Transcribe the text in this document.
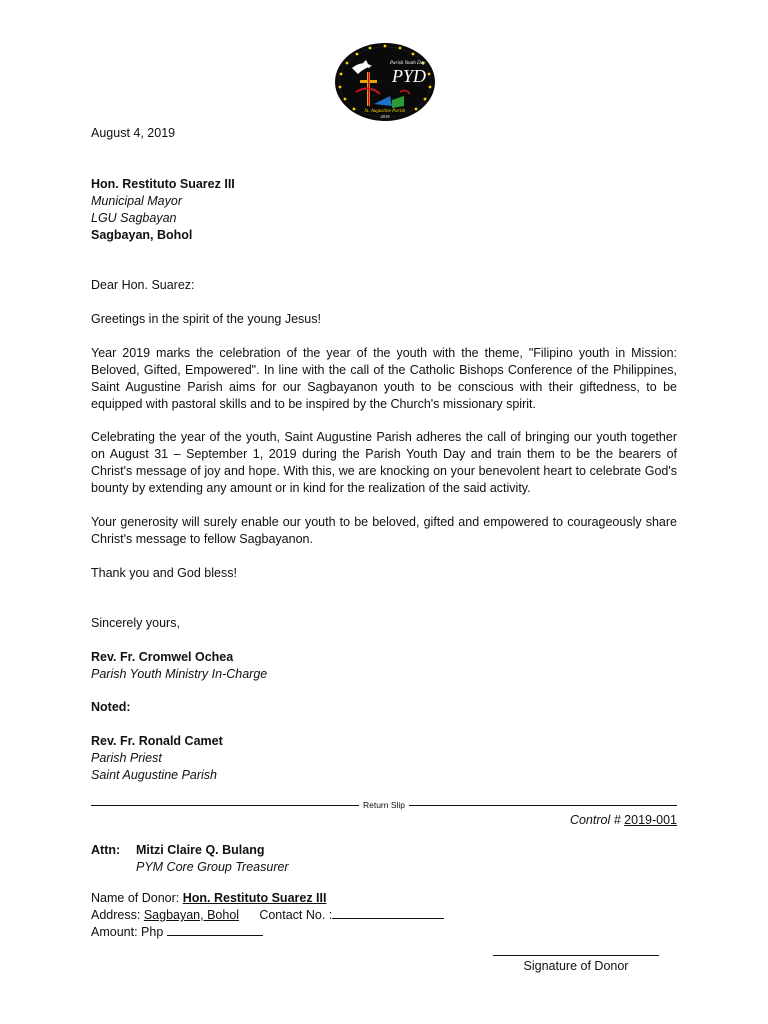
PYD
Parish Youth Day
St. Augustine Parish
2019
August 4, 2019
Hon. Restituto Suarez III
Municipal Mayor
LGU Sagbayan
Sagbayan, Bohol
Dear Hon. Suarez:
Greetings in the spirit of the young Jesus!

Year 2019 marks the celebration of the year of the youth with the theme, "Filipino youth in Mission: Beloved, Gifted, Empowered". In line with the call of the Catholic Bishops Conference of the Philippines, Saint Augustine Parish aims for our Sagbayanon youth to be conscious with their giftedness, to be equipped with pastoral skills and to be inspired by the Church's missionary spirit.

Celebrating the year of the youth, Saint Augustine Parish adheres the call of bringing our youth together on August 31 – September 1, 2019 during the Parish Youth Day and train them to be the bearers of Christ's message of joy and hope. With this, we are knocking on your benevolent heart to celebrate God's bounty by extending any amount or in kind for the realization of the said activity.

Your generosity will surely enable our youth to be beloved, gifted and empowered to courageously share Christ's message to fellow Sagbayanon.

Thank you and God bless!
Sincerely yours,
Rev. Fr. Cromwel Ochea
Parish Youth Ministry In-Charge
Noted:
Rev. Fr. Ronald Camet
Parish Priest
Saint Augustine Parish
Return Slip
Control # 2019-001
Attn: Mitzi Claire Q. Bulang
PYM Core Group Treasurer
Name of Donor: Hon. Restituto Suarez III
Address: Sagbayan, Bohol Contact No. :
Amount: Php
Signature of Donor
